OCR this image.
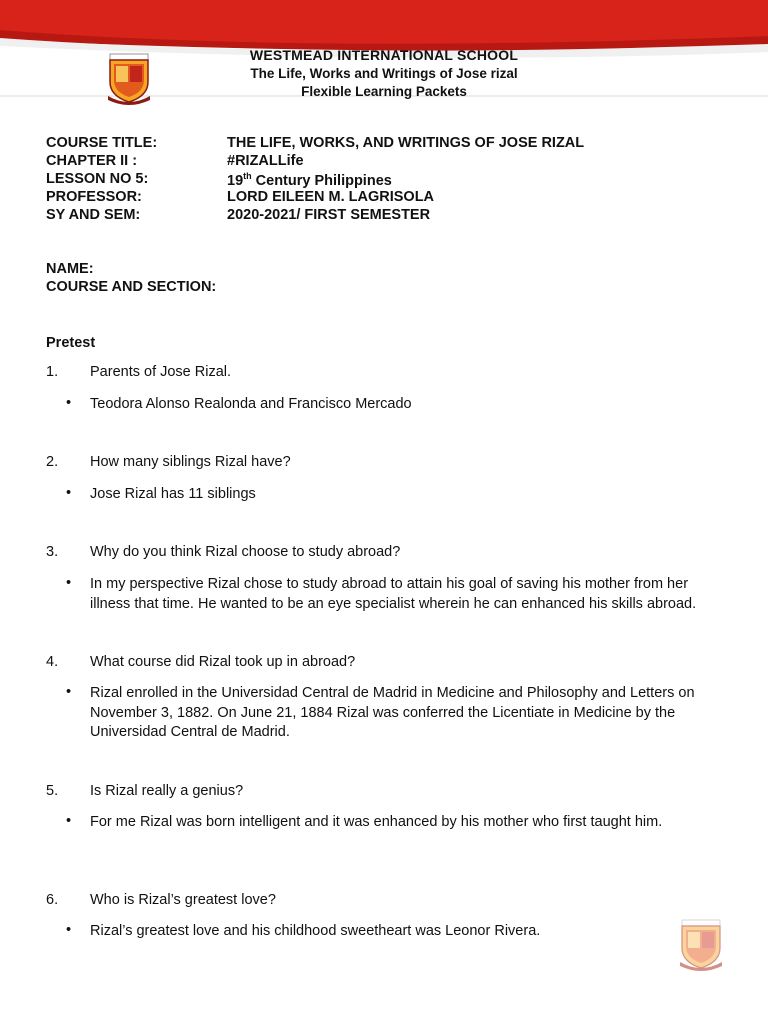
WESTMEAD INTERNATIONAL SCHOOL
The Life, Works and Writings of Jose rizal
Flexible Learning Packets
COURSE TITLE:	THE LIFE, WORKS, AND WRITINGS OF JOSE RIZAL
CHAPTER II :	#RIZALLife
LESSON NO 5:	19th Century Philippines
PROFESSOR:	LORD EILEEN M. LAGRISOLA
SY AND SEM:	2020-2021/ FIRST SEMESTER
NAME:
COURSE AND SECTION:
Pretest
1. Parents of Jose Rizal.
• Teodora Alonso Realonda and Francisco Mercado
2. How many siblings Rizal have?
• Jose Rizal has 11 siblings
3. Why do you think Rizal choose to study abroad?
• In my perspective Rizal chose to study abroad to attain his goal of saving his mother from her illness that time. He wanted to be an eye specialist wherein he can enhanced his skills abroad.
4. What course did Rizal took up in abroad?
• Rizal enrolled in the Universidad Central de Madrid in Medicine and Philosophy and Letters on November 3, 1882. On June 21, 1884 Rizal was conferred the Licentiate in Medicine by the Universidad Central de Madrid.
5. Is Rizal really a genius?
• For me Rizal was born intelligent and it was enhanced by his mother who first taught him.
6. Who is Rizal’s greatest love?
• Rizal’s greatest love and his childhood sweetheart was Leonor Rivera.
